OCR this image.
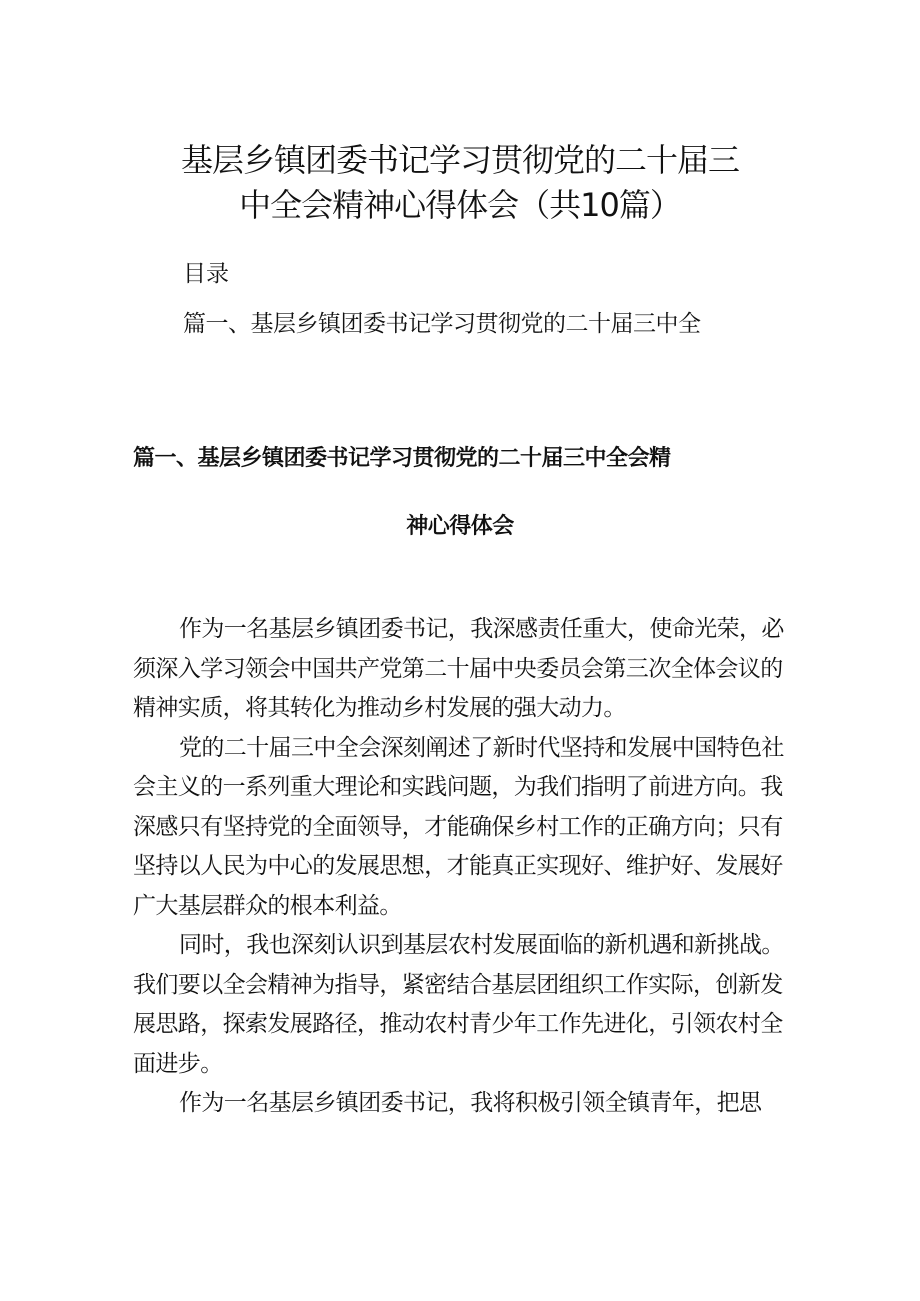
基层乡镇团委书记学习贯彻党的二十届三
中全会精神心得体会（共10篇）
目录
篇一、基层乡镇团委书记学习贯彻党的二十届三中全
篇一、基层乡镇团委书记学习贯彻党的二十届三中全会精
神心得体会

作为一名基层乡镇团委书记，我深感责任重大，使命光荣，必须深入学习领会中国共产党第二十届中央委员会第三次全体会议的精神实质，将其转化为推动乡村发展的强大动力。

党的二十届三中全会深刻阐述了新时代坚持和发展中国特色社会主义的一系列重大理论和实践问题，为我们指明了前进方向。我深感只有坚持党的全面领导，才能确保乡村工作的正确方向；只有坚持以人民为中心的发展思想，才能真正实现好、维护好、发展好广大基层群众的根本利益。

同时，我也深刻认识到基层农村发展面临的新机遇和新挑战。我们要以全会精神为指导，紧密结合基层团组织工作实际，创新发展思路，探索发展路径，推动农村青少年工作先进化，引领农村全面进步。

作为一名基层乡镇团委书记，我将积极引领全镇青年，把思
